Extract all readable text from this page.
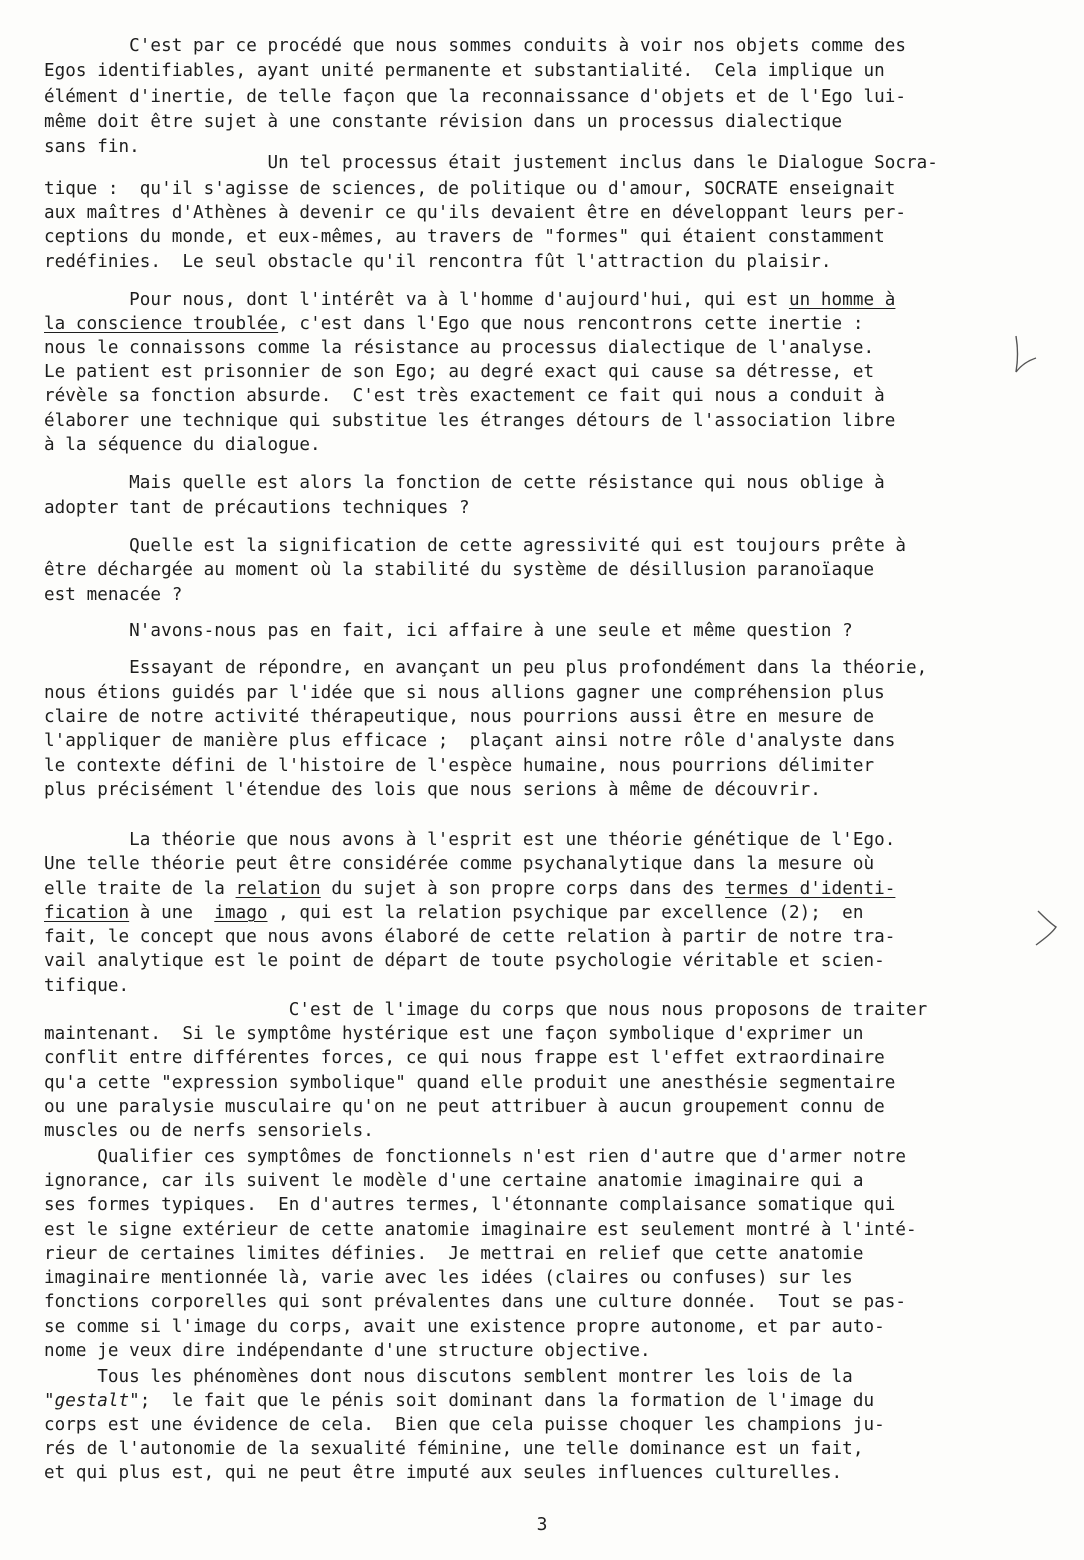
C'est par ce procédé que nous sommes conduits à voir nos objets comme des

Egos identifiables, ayant unité permanente et substantialité.  Cela implique un

élément d'inertie, de telle façon que la reconnaissance d'objets et de l'Ego lui-

même doit être sujet à une constante révision dans un processus dialectique

sans fin.

Un tel processus était justement inclus dans le Dialogue Socra-

tique :  qu'il s'agisse de sciences, de politique ou d'amour, SOCRATE enseignait

aux maîtres d'Athènes à devenir ce qu'ils devaient être en développant leurs per-

ceptions du monde, et eux-mêmes, au travers de "formes" qui étaient constamment

redéfinies.  Le seul obstacle qu'il rencontra fût l'attraction du plaisir.

Pour nous, dont l'intérêt va à l'homme d'aujourd'hui, qui est un homme à

la conscience troublée, c'est dans l'Ego que nous rencontrons cette inertie :

nous le connaissons comme la résistance au processus dialectique de l'analyse.

Le patient est prisonnier de son Ego; au degré exact qui cause sa détresse, et

révèle sa fonction absurde.  C'est très exactement ce fait qui nous a conduit à

élaborer une technique qui substitue les étranges détours de l'association libre

à la séquence du dialogue.

Mais quelle est alors la fonction de cette résistance qui nous oblige à

adopter tant de précautions techniques ?

Quelle est la signification de cette agressivité qui est toujours prête à

être déchargée au moment où la stabilité du système de désillusion paranoïaque

est menacée ?

N'avons-nous pas en fait, ici affaire à une seule et même question ?

Essayant de répondre, en avançant un peu plus profondément dans la théorie,

nous étions guidés par l'idée que si nous allions gagner une compréhension plus

claire de notre activité thérapeutique, nous pourrions aussi être en mesure de

l'appliquer de manière plus efficace ;  plaçant ainsi notre rôle d'analyste dans

le contexte défini de l'histoire de l'espèce humaine, nous pourrions délimiter

plus précisément l'étendue des lois que nous serions à même de découvrir.

La théorie que nous avons à l'esprit est une théorie génétique de l'Ego.

Une telle théorie peut être considérée comme psychanalytique dans la mesure où

elle traite de la relation du sujet à son propre corps dans des termes d'identi-

fication à une  imago , qui est la relation psychique par excellence (2);  en

fait, le concept que nous avons élaboré de cette relation à partir de notre tra-

vail analytique est le point de départ de toute psychologie véritable et scien-

tifique.

C'est de l'image du corps que nous nous proposons de traiter

maintenant.  Si le symptôme hystérique est une façon symbolique d'exprimer un

conflit entre différentes forces, ce qui nous frappe est l'effet extraordinaire

qu'a cette "expression symbolique" quand elle produit une anesthésie segmentaire

ou une paralysie musculaire qu'on ne peut attribuer à aucun groupement connu de

muscles ou de nerfs sensoriels.

Qualifier ces symptômes de fonctionnels n'est rien d'autre que d'armer notre

ignorance, car ils suivent le modèle d'une certaine anatomie imaginaire qui a

ses formes typiques.  En d'autres termes, l'étonnante complaisance somatique qui

est le signe extérieur de cette anatomie imaginaire est seulement montré à l'inté-

rieur de certaines limites définies.  Je mettrai en relief que cette anatomie

imaginaire mentionnée là, varie avec les idées (claires ou confuses) sur les

fonctions corporelles qui sont prévalentes dans une culture donnée.  Tout se pas-

se comme si l'image du corps, avait une existence propre autonome, et par auto-

nome je veux dire indépendante d'une structure objective.

Tous les phénomènes dont nous discutons semblent montrer les lois de la

"gestalt";  le fait que le pénis soit dominant dans la formation de l'image du

corps est une évidence de cela.  Bien que cela puisse choquer les champions ju-

rés de l'autonomie de la sexualité féminine, une telle dominance est un fait,

et qui plus est, qui ne peut être imputé aux seules influences culturelles.

3
